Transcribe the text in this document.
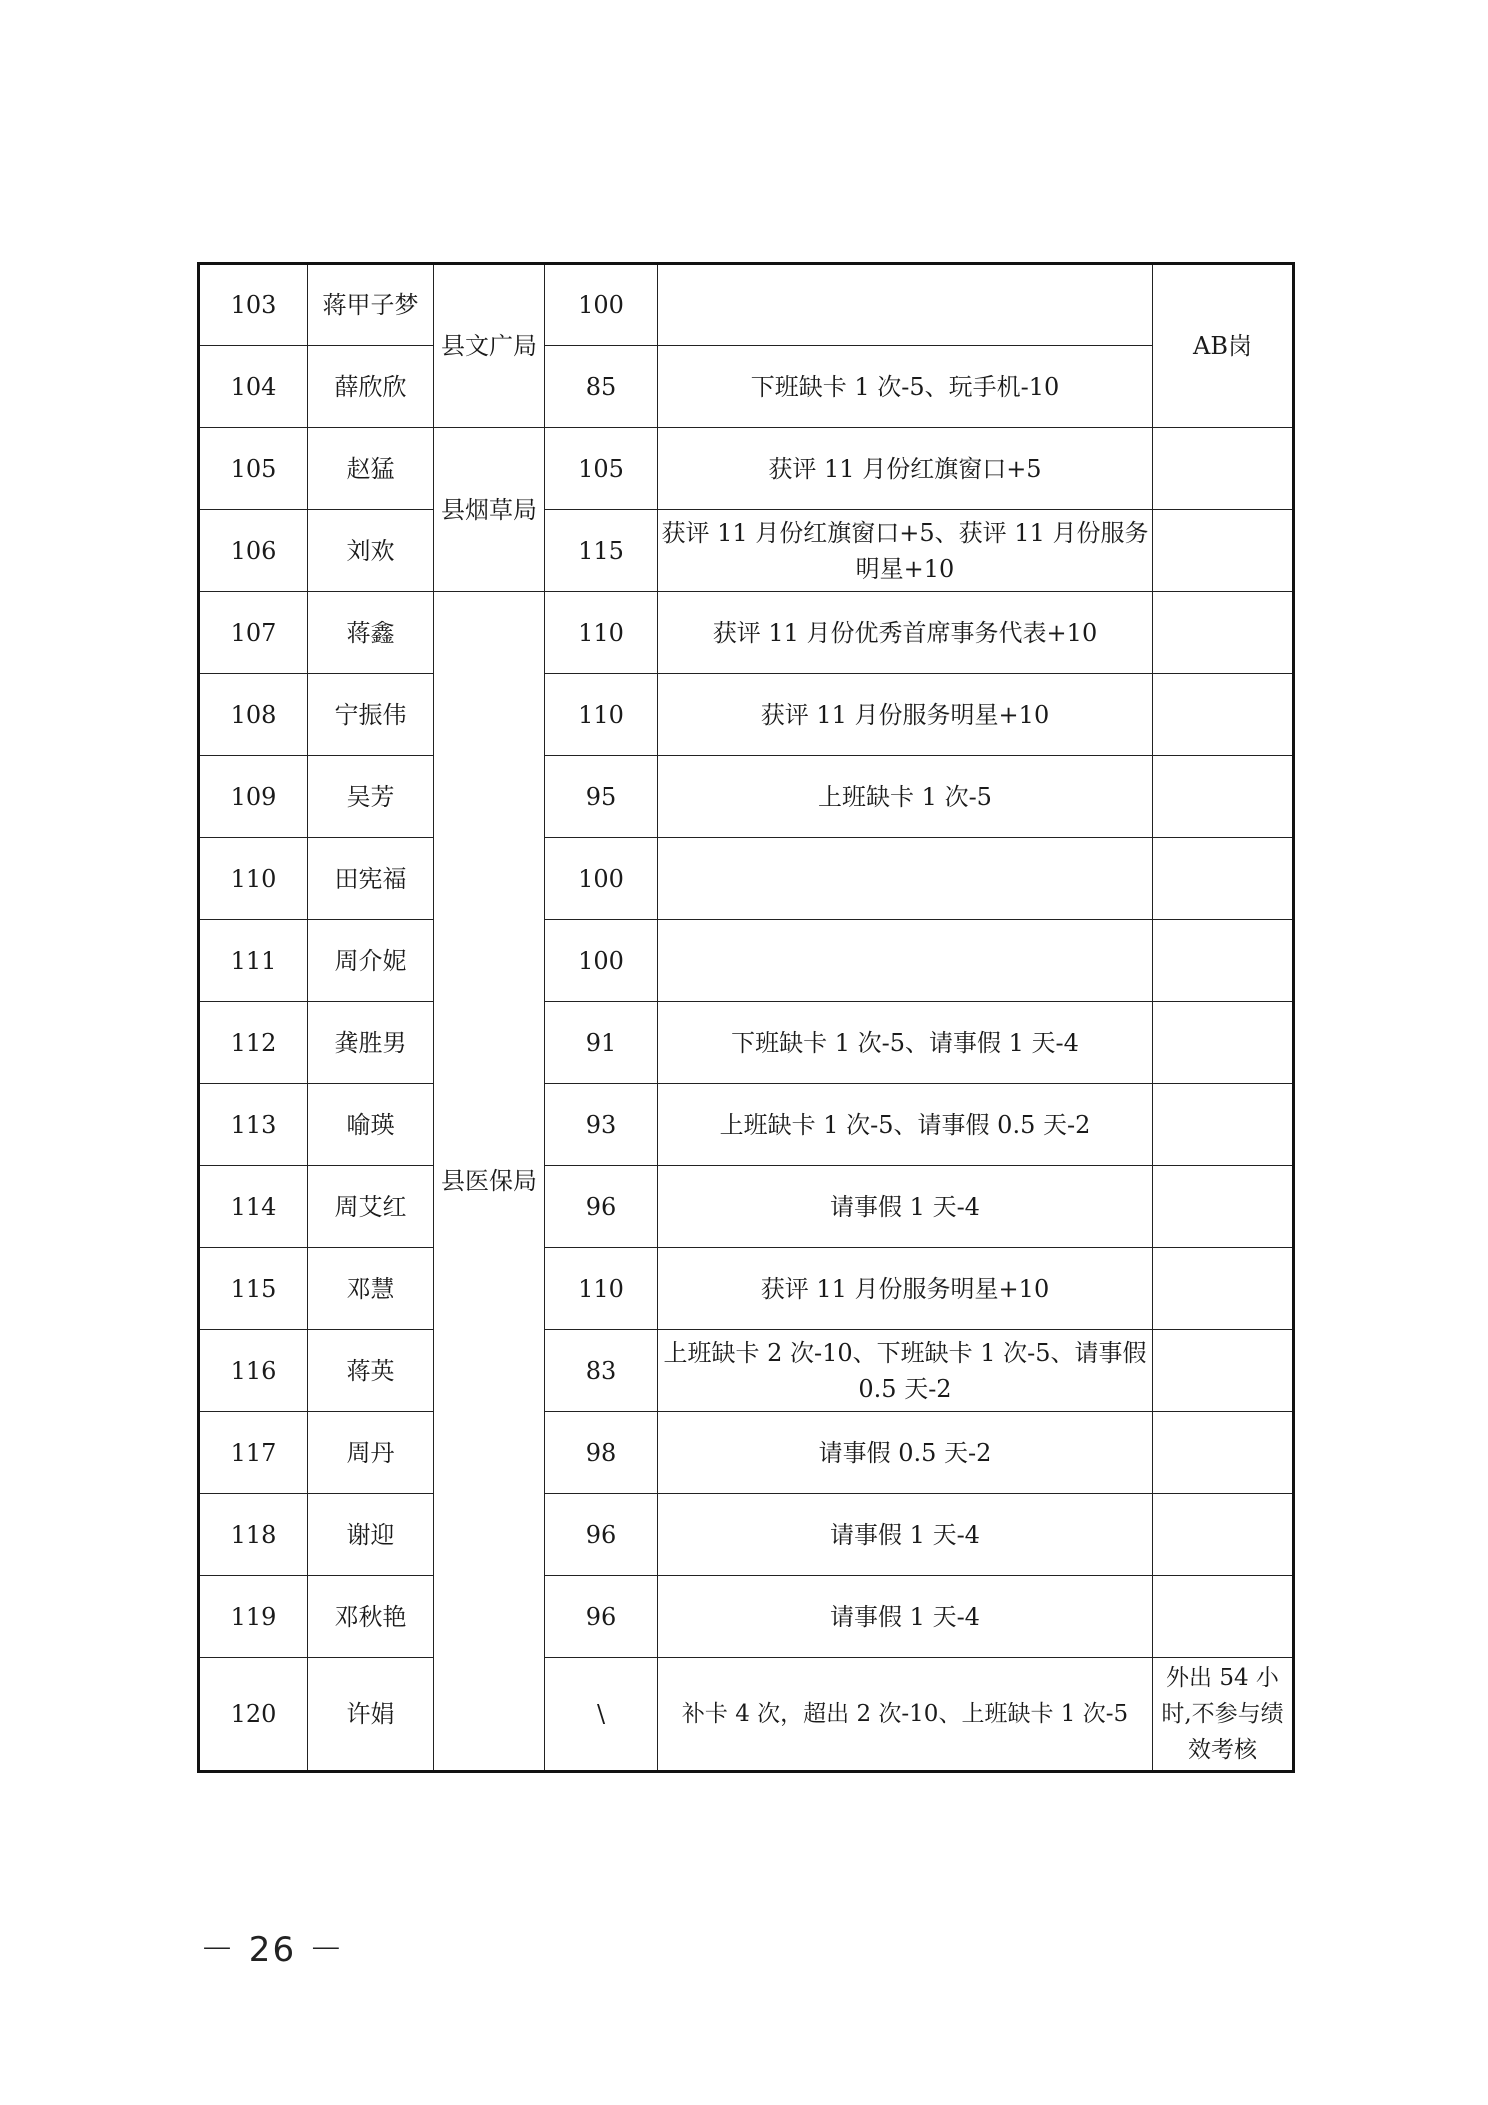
103	蒋甲子梦	县文广局	100		AB岗
104	薛欣欣		85	下班缺卡 1 次-5、玩手机-10	
105	赵猛	县烟草局	105	获评 11 月份红旗窗口+5	
106	刘欢		115	获评 11 月份红旗窗口+5、获评 11 月份服务明星+10	
107	蒋鑫	县医保局	110	获评 11 月份优秀首席事务代表+10	
108	宁振伟		110	获评 11 月份服务明星+10	
109	吴芳		95	上班缺卡 1 次-5	
110	田宪福		100		
111	周介妮		100		
112	龚胜男		91	下班缺卡 1 次-5、请事假 1 天-4	
113	喻瑛		93	上班缺卡 1 次-5、请事假 0.5 天-2	
114	周艾红		96	请事假 1 天-4	
115	邓慧		110	获评 11 月份服务明星+10	
116	蒋英		83	上班缺卡 2 次-10、下班缺卡 1 次-5、请事假 0.5 天-2	
117	周丹		98	请事假 0.5 天-2	
118	谢迎		96	请事假 1 天-4	
119	邓秋艳		96	请事假 1 天-4	
120	许娟		\	补卡 4 次，超出 2 次-10、上班缺卡 1 次-5	外出 54 小时,不参与绩效考核
－ 26 －
